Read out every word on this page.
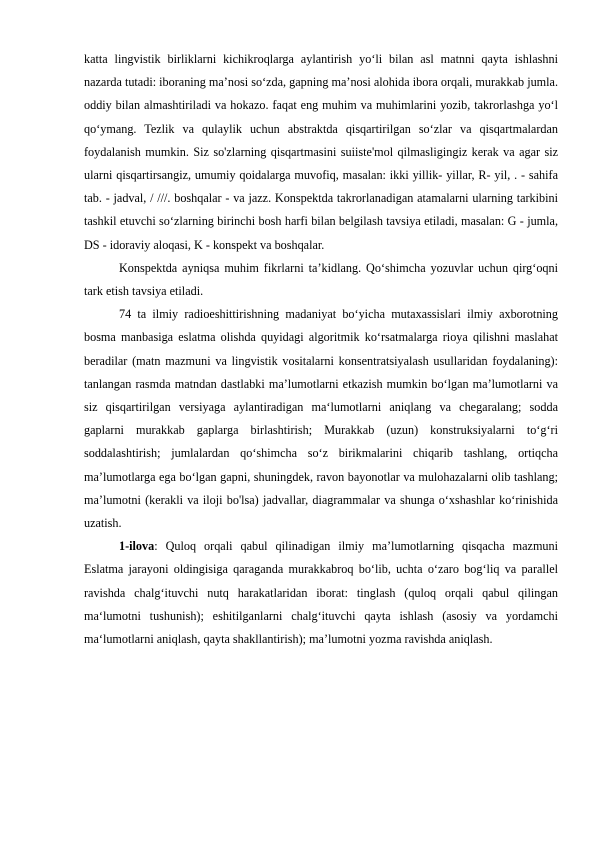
katta lingvistik birliklarni kichikroqlarga aylantirish yo‘li bilan asl matnni qayta ishlashni nazarda tutadi: iboraning ma’nosi so‘zda, gapning ma’nosi alohida ibora orqali, murakkab jumla. oddiy bilan almashtiriladi va hokazo. faqat eng muhim va muhimlarini yozib, takrorlashga yo‘l qo‘ymang. Tezlik va qulaylik uchun abstraktda qisqartirilgan so‘zlar va qisqartmalardan foydalanish mumkin. Siz so'zlarning qisqartmasini suiiste'mol qilmasligingiz kerak va agar siz ularni qisqartirsangiz, umumiy qoidalarga muvofiq, masalan: ikki yillik- yillar, R- yil, . - sahifa tab. - jadval, / ///. boshqalar - va jazz. Konspektda takrorlanadigan atamalarni ularning tarkibini tashkil etuvchi so‘zlarning birinchi bosh harfi bilan belgilash tavsiya etiladi, masalan: G - jumla, DS - idoraviy aloqasi, K - konspekt va boshqalar.

Konspektda ayniqsa muhim fikrlarni ta’kidlang. Qo‘shimcha yozuvlar uchun qirg‘oqni tark etish tavsiya etiladi.

74 ta ilmiy radioeshittirishning madaniyat bo‘yicha mutaxassislari ilmiy axborotning bosma manbasiga eslatma olishda quyidagi algoritmik ko‘rsatmalarga rioya qilishni maslahat beradilar (matn mazmuni va lingvistik vositalarni konsentratsiyalash usullaridan foydalaning): tanlangan rasmda matndan dastlabki ma’lumotlarni etkazish mumkin bo‘lgan ma’lumotlarni va siz qisqartirilgan versiyaga aylantiradigan ma‘lumotlarni aniqlang va chegaralang; sodda gaplarni murakkab gaplarga birlashtirish; Murakkab (uzun) konstruksiyalarni to‘g‘ri soddalashtirish; jumlalardan qo‘shimcha so‘z birikmalarini chiqarib tashlang, ortiqcha ma’lumotlarga ega bo‘lgan gapni, shuningdek, ravon bayonotlar va mulohazalarni olib tashlang; ma’lumotni (kerakli va iloji bo'lsa) jadvallar, diagrammalar va shunga o‘xshashlar ko‘rinishida uzatish.

1-ilova: Quloq orqali qabul qilinadigan ilmiy ma’lumotlarning qisqacha mazmuni Eslatma jarayoni oldingisiga qaraganda murakkabroq bo‘lib, uchta o‘zaro bog‘liq va parallel ravishda chalg‘ituvchi nutq harakatlaridan iborat: tinglash (quloq orqali qabul qilingan ma‘lumotni tushunish); eshitilganlarni chalg‘ituvchi qayta ishlash (asosiy va yordamchi ma‘lumotlarni aniqlash, qayta shakllantirish); ma’lumotni yozma ravishda aniqlash.
